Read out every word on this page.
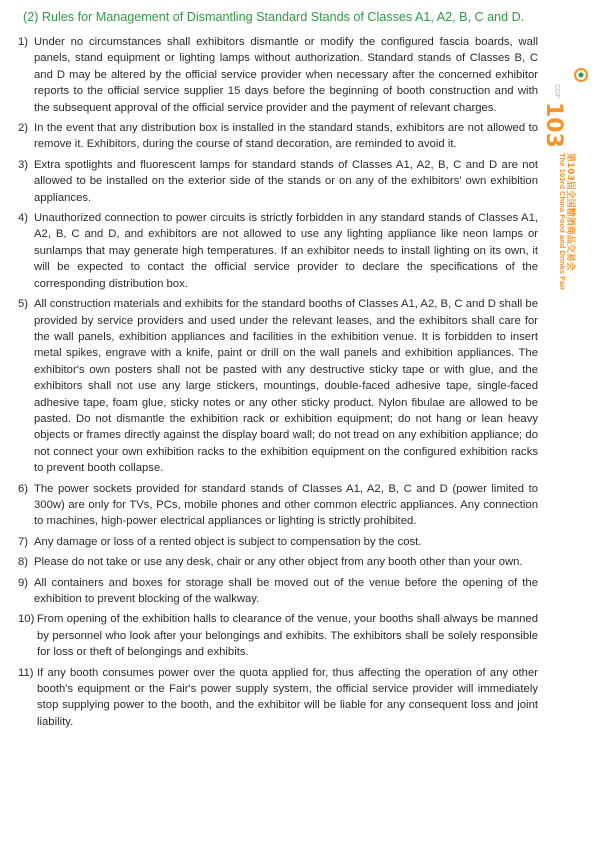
(2) Rules for Management of Dismantling Standard Stands of Classes A1, A2, B, C and D.
1) Under no circumstances shall exhibitors dismantle or modify the configured fascia boards, wall panels, stand equipment or lighting lamps without authorization. Standard stands of Classes B, C and D may be altered by the official service provider when necessary after the concerned exhibitor reports to the official service supplier 15 days before the beginning of booth construction and with the subsequent approval of the official service provider and the payment of relevant charges.
2) In the event that any distribution box is installed in the standard stands, exhibitors are not allowed to remove it. Exhibitors, during the course of stand decoration, are reminded to avoid it.
3) Extra spotlights and fluorescent lamps for standard stands of Classes A1, A2, B, C and D are not allowed to be installed on the exterior side of the stands or on any of the exhibitors' own exhibition appliances.
4) Unauthorized connection to power circuits is strictly forbidden in any standard stands of Classes A1, A2, B, C and D, and exhibitors are not allowed to use any lighting appliance like neon lamps or sunlamps that may generate high temperatures. If an exhibitor needs to install lighting on its own, it will be expected to contact the official service provider to declare the specifications of the corresponding distribution box.
5) All construction materials and exhibits for the standard booths of Classes A1, A2, B, C and D shall be provided by service providers and used under the relevant leases, and the exhibitors shall care for the wall panels, exhibition appliances and facilities in the exhibition venue. It is forbidden to insert metal spikes, engrave with a knife, paint or drill on the wall panels and exhibition appliances. The exhibitor's own posters shall not be pasted with any destructive sticky tape or with glue, and the exhibitors shall not use any large stickers, mountings, double-faced adhesive tape, single-faced adhesive tape, foam glue, sticky notes or any other sticky product. Nylon fibulae are allowed to be pasted. Do not dismantle the exhibition rack or exhibition equipment; do not hang or lean heavy objects or frames directly against the display board wall; do not tread on any exhibition appliance; do not connect your own exhibition racks to the exhibition equipment on the configured exhibition racks to prevent booth collapse.
6) The power sockets provided for standard stands of Classes A1, A2, B, C and D (power limited to 300w) are only for TVs, PCs, mobile phones and other common electric appliances. Any connection to machines, high-power electrical appliances or lighting is strictly prohibited.
7) Any damage or loss of a rented object is subject to compensation by the cost.
8) Please do not take or use any desk, chair or any other object from any booth other than your own.
9) All containers and boxes for storage shall be moved out of the venue before the opening of the exhibition to prevent blocking of the walkway.
10) From opening of the exhibition halls to clearance of the venue, your booths shall always be manned by personnel who look after your belongings and exhibits. The exhibitors shall be solely responsible for loss or theft of belongings and exhibits.
11) If any booth consumes power over the quota applied for, thus affecting the operation of any other booth's equipment or the Fair's power supply system, the official service provider will immediately stop supplying power to the booth, and the exhibitor will be liable for any consequent loss and joint liability.
CDF
103
第103届全国糖酒商品交易会
The 103rd China Food and Drinks Fair
